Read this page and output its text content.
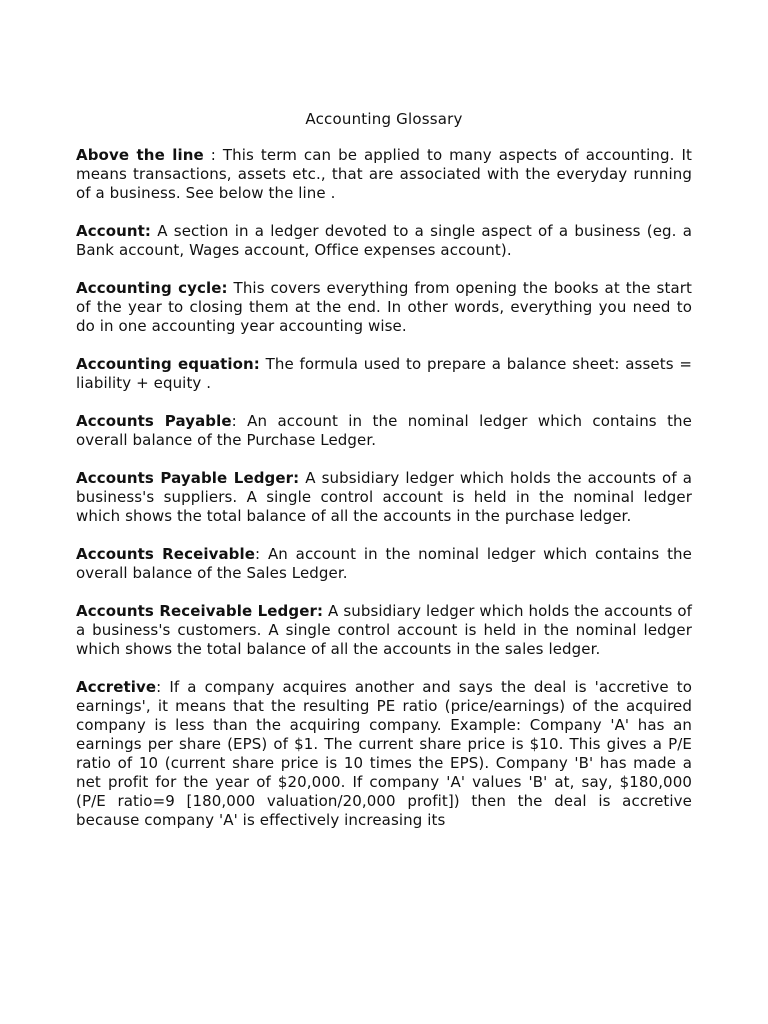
Accounting Glossary

Above the line : This term can be applied to many aspects of accounting. It means transactions, assets etc., that are associated with the everyday running of a business. See below the line .

Account: A section in a ledger devoted to a single aspect of a business (eg. a Bank account, Wages account, Office expenses account).

Accounting cycle: This covers everything from opening the books at the start of the year to closing them at the end. In other words, everything you need to do in one accounting year accounting wise.

Accounting equation: The formula used to prepare a balance sheet: assets = liability + equity .

Accounts Payable: An account in the nominal ledger which contains the overall balance of the Purchase Ledger.

Accounts Payable Ledger: A subsidiary ledger which holds the accounts of a business's suppliers. A single control account is held in the nominal ledger which shows the total balance of all the accounts in the purchase ledger.

Accounts Receivable: An account in the nominal ledger which contains the overall balance of the Sales Ledger.

Accounts Receivable Ledger: A subsidiary ledger which holds the accounts of a business's customers. A single control account is held in the nominal ledger which shows the total balance of all the accounts in the sales ledger.

Accretive: If a company acquires another and says the deal is 'accretive to earnings', it means that the resulting PE ratio (price/earnings) of the acquired company is less than the acquiring company. Example: Company 'A' has an earnings per share (EPS) of $1. The current share price is $10. This gives a P/E ratio of 10 (current share price is 10 times the EPS). Company 'B' has made a net profit for the year of $20,000. If company 'A' values 'B' at, say, $180,000 (P/E ratio=9 [180,000 valuation/20,000 profit]) then the deal is accretive because company 'A' is effectively increasing its
